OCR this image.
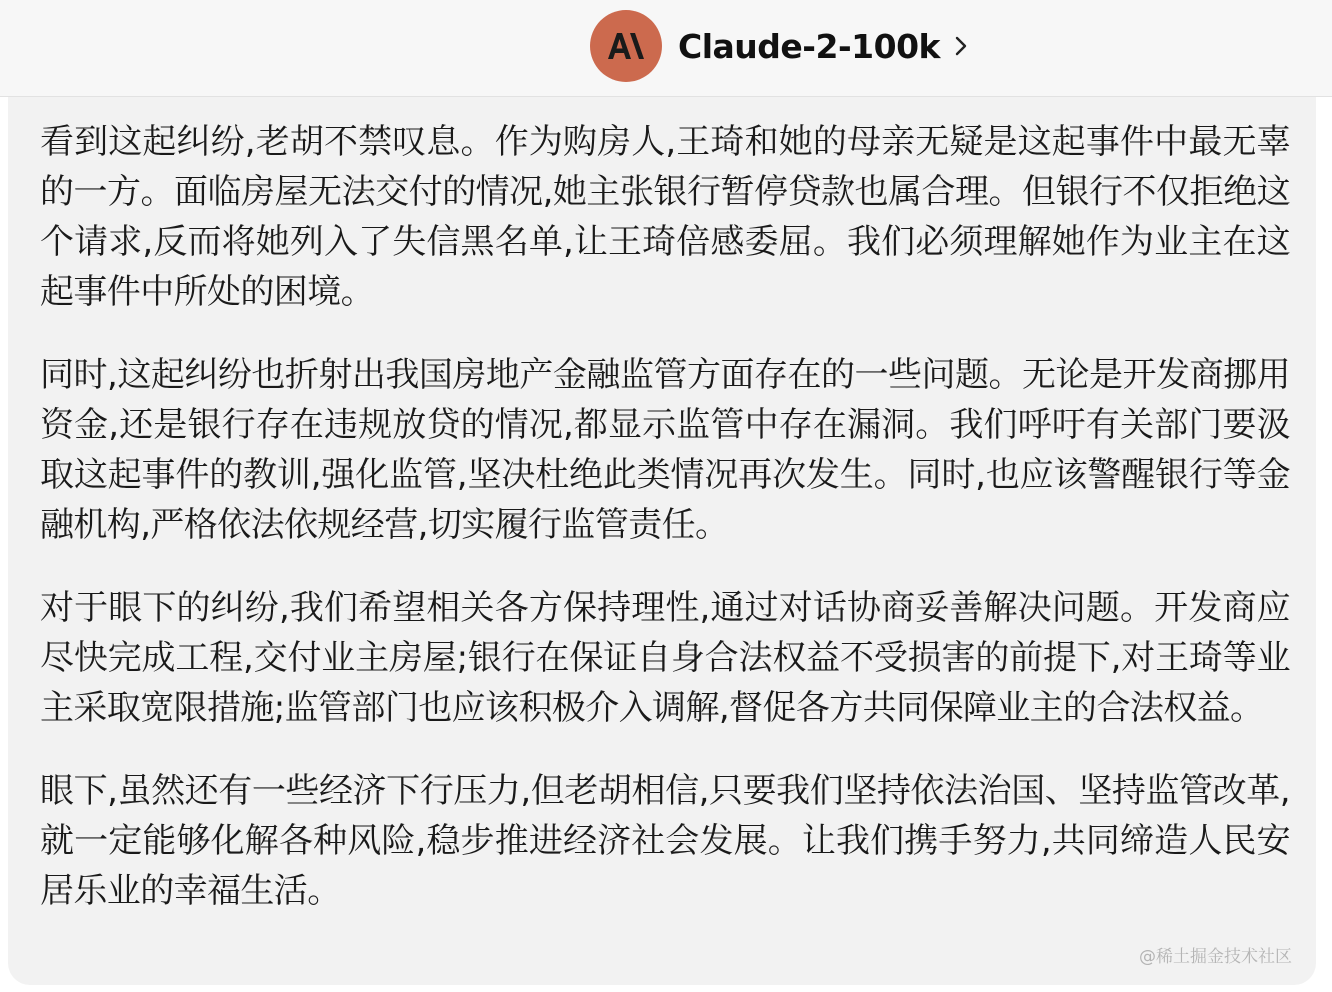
Claude-2-100k

看到这起纠纷,老胡不禁叹息。作为购房人,王琦和她的母亲无疑是这起事件中最无辜的一方。面临房屋无法交付的情况,她主张银行暂停贷款也属合理。但银行不仅拒绝这个请求,反而将她列入了失信黑名单,让王琦倍感委屈。我们必须理解她作为业主在这起事件中所处的困境。

同时,这起纠纷也折射出我国房地产金融监管方面存在的一些问题。无论是开发商挪用资金,还是银行存在违规放贷的情况,都显示监管中存在漏洞。我们呼吁有关部门要汲取这起事件的教训,强化监管,坚决杜绝此类情况再次发生。同时,也应该警醒银行等金融机构,严格依法依规经营,切实履行监管责任。

对于眼下的纠纷,我们希望相关各方保持理性,通过对话协商妥善解决问题。开发商应尽快完成工程,交付业主房屋;银行在保证自身合法权益不受损害的前提下,对王琦等业主采取宽限措施;监管部门也应该积极介入调解,督促各方共同保障业主的合法权益。

眼下,虽然还有一些经济下行压力,但老胡相信,只要我们坚持依法治国、坚持监管改革,就一定能够化解各种风险,稳步推进经济社会发展。让我们携手努力,共同缔造人民安居乐业的幸福生活。

@稀土掘金技术社区
